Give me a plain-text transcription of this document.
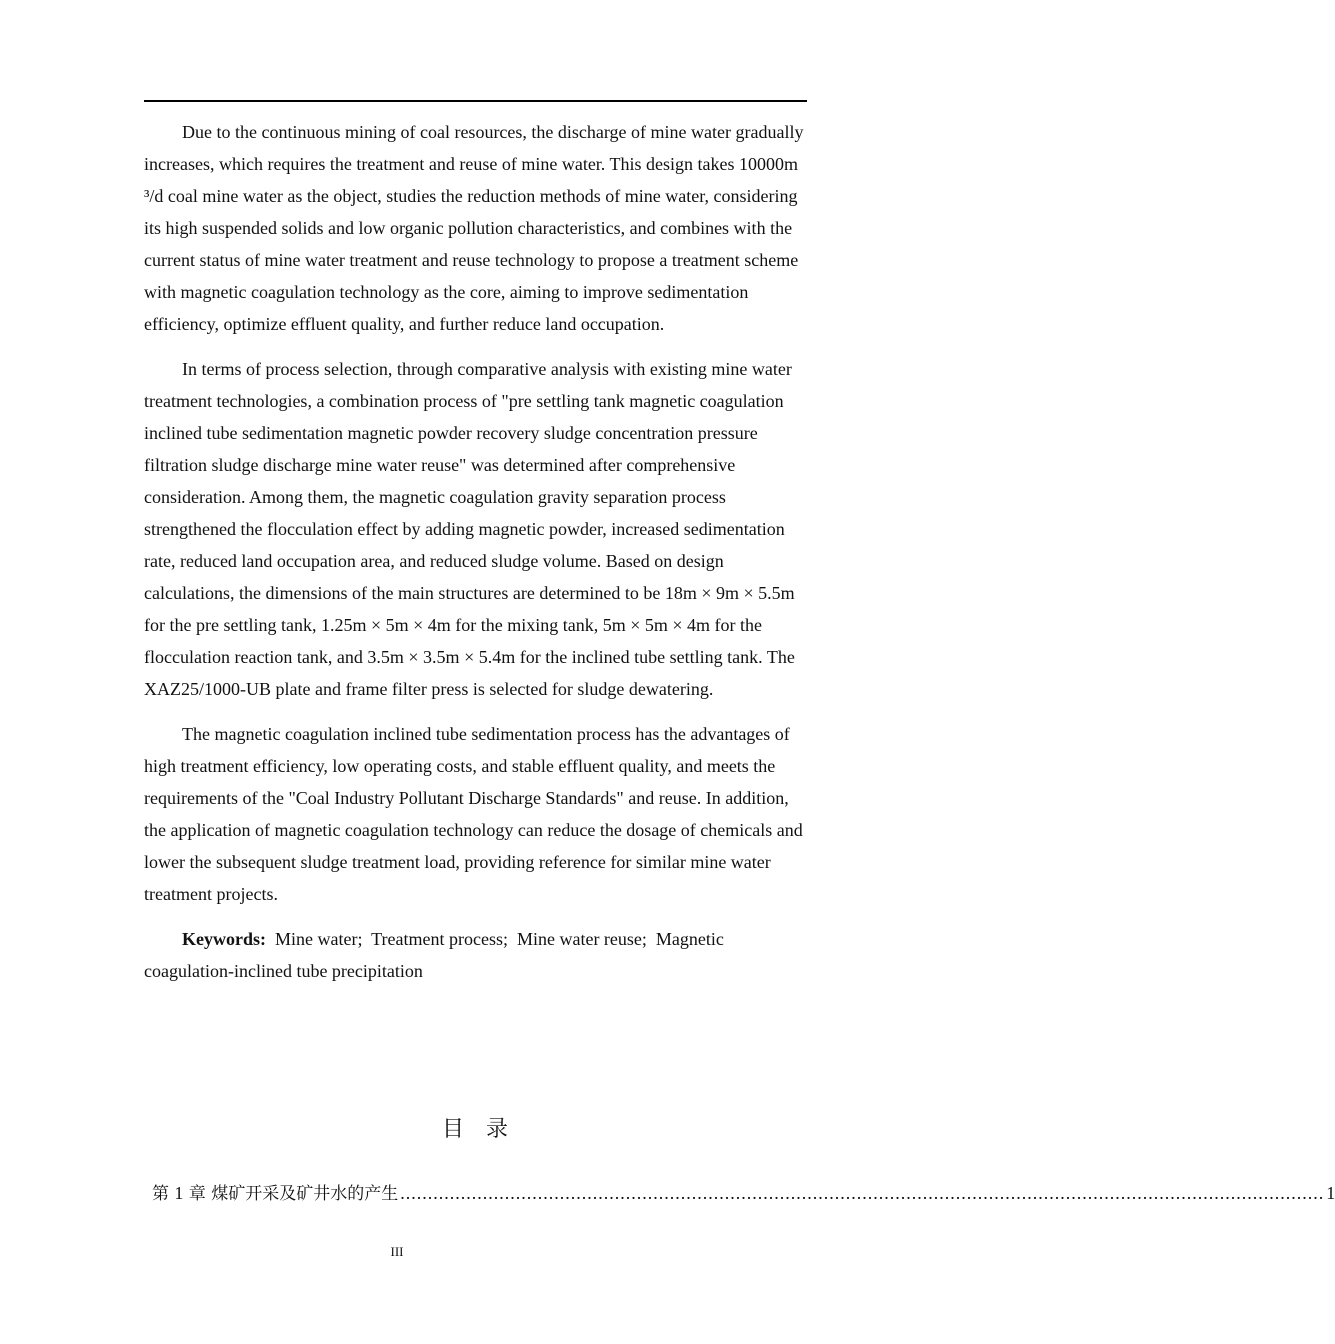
Due to the continuous mining of coal resources, the discharge of mine water gradually increases, which requires the treatment and reuse of mine water. This design takes 10000m ³/d coal mine water as the object, studies the reduction methods of mine water, considering its high suspended solids and low organic pollution characteristics, and combines with the current status of mine water treatment and reuse technology to propose a treatment scheme with magnetic coagulation technology as the core, aiming to improve sedimentation efficiency, optimize effluent quality, and further reduce land occupation.

In terms of process selection, through comparative analysis with existing mine water treatment technologies, a combination process of "pre settling tank magnetic coagulation inclined tube sedimentation magnetic powder recovery sludge concentration pressure filtration sludge discharge mine water reuse" was determined after comprehensive consideration. Among them, the magnetic coagulation gravity separation process strengthened the flocculation effect by adding magnetic powder, increased sedimentation rate, reduced land occupation area, and reduced sludge volume. Based on design calculations, the dimensions of the main structures are determined to be 18m × 9m × 5.5m for the pre settling tank, 1.25m × 5m × 4m for the mixing tank, 5m × 5m × 4m for the flocculation reaction tank, and 3.5m × 3.5m × 5.4m for the inclined tube settling tank. The XAZ25/1000-UB plate and frame filter press is selected for sludge dewatering.

The magnetic coagulation inclined tube sedimentation process has the advantages of high treatment efficiency, low operating costs, and stable effluent quality, and meets the requirements of the "Coal Industry Pollutant Discharge Standards" and reuse. In addition, the application of magnetic coagulation technology can reduce the dosage of chemicals and lower the subsequent sludge treatment load, providing reference for similar mine water treatment projects.

Keywords: Mine water; Treatment process; Mine water reuse; Magnetic coagulation-inclined tube precipitation

目录
第 1 章 煤矿开采及矿井水的产生 ........................................................................................................................................................................ 1
III
